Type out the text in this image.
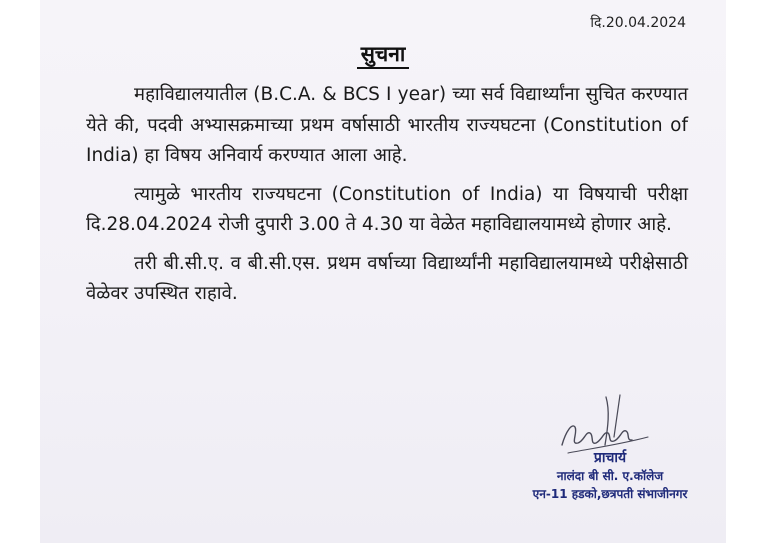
दि.20.04.2024
सुचना

महाविद्यालयातील (B.C.A. & BCS I year) च्या सर्व विद्यार्थ्यांना सुचित करण्यात येते की, पदवी अभ्यासक्रमाच्या प्रथम वर्षासाठी भारतीय राज्यघटना (Constitution of India) हा विषय अनिवार्य करण्यात आला आहे.

त्यामुळे भारतीय राज्यघटना (Constitution of India) या विषयाची परीक्षा दि.28.04.2024 रोजी दुपारी 3.00 ते 4.30 या वेळेत महाविद्यालयामध्ये होणार आहे.

तरी बी.सी.ए. व बी.सी.एस. प्रथम वर्षाच्या विद्यार्थ्यांनी महाविद्यालयामध्ये परीक्षेसाठी वेळेवर उपस्थित राहावे.

प्राचार्य
नालंदा बी सी. ए.कॉलेज
एन-11 हडको,छत्रपती संभाजीनगर
